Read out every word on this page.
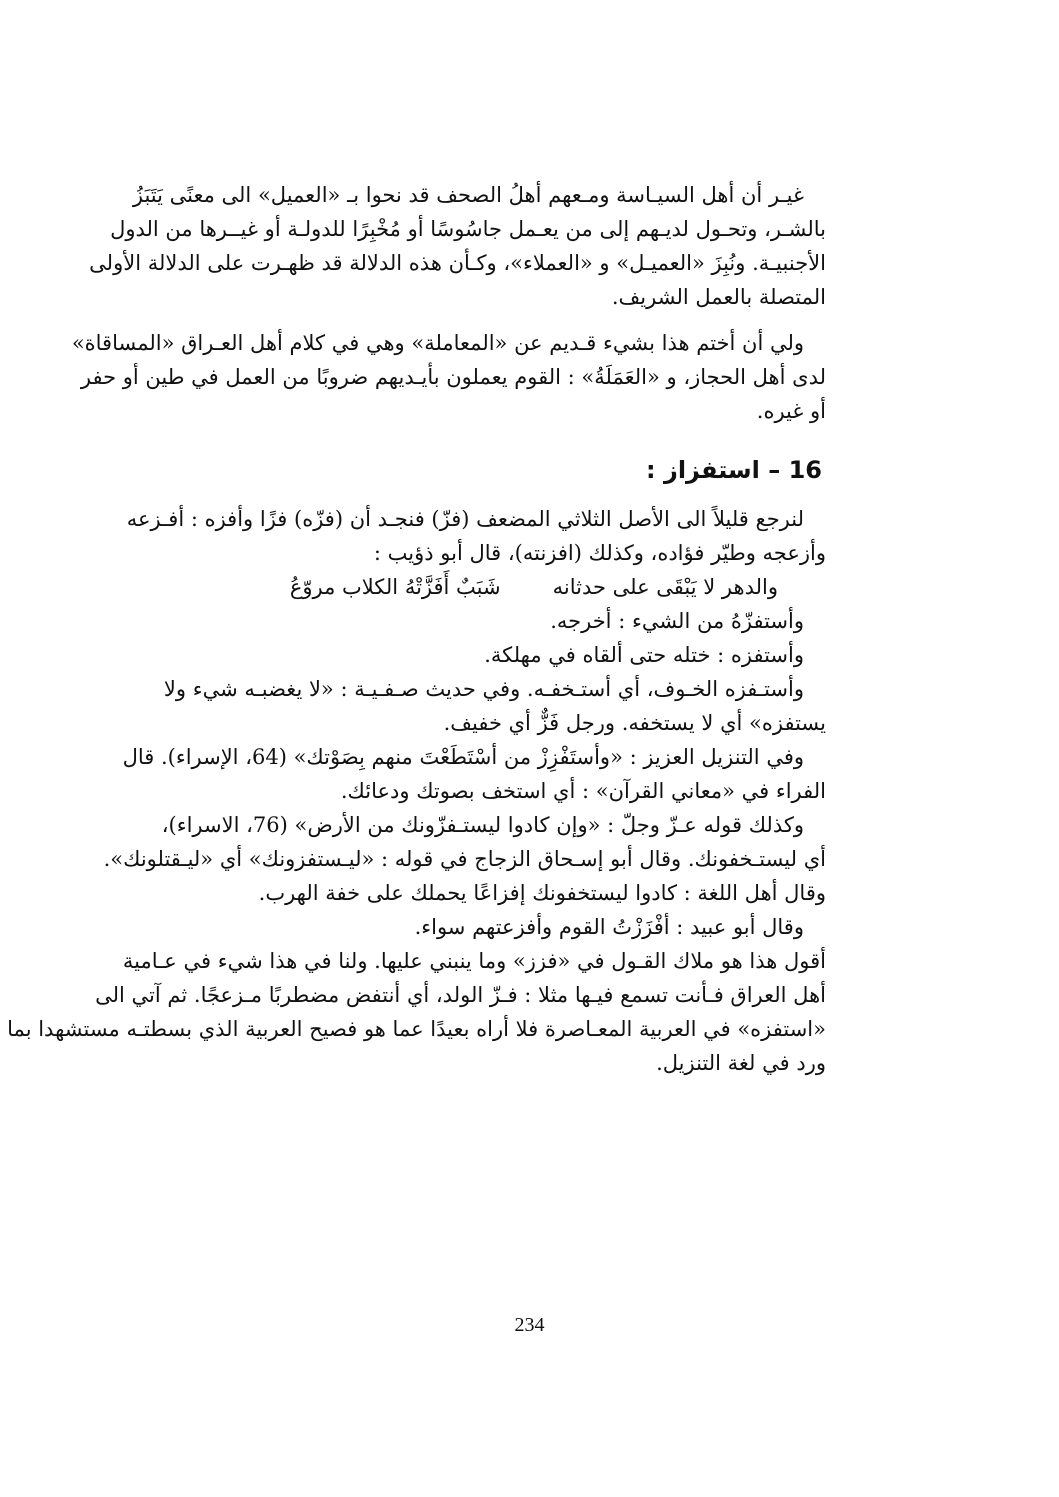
غيـر أن أهل السيـاسة ومـعهم أهلُ الصحف قد نحوا بـ «العميل» الى معنًى يَتَبَزُ
بالشـر، وتحـول لديـهم إلى من يعـمل جاسُوسًا أو مُخْبِرًا للدولـة أو غيــرها من الدول
الأجنبيـة. ونُبِزَ «العميـل» و «العملاء»، وكـأن هذه الدلالة قد ظهـرت على الدلالة الأولى
المتصلة بالعمل الشريف.
ولي أن أختم هذا بشيء قـديم عن «المعاملة» وهي في كلام أهل العـراق «المساقاة»
لدى أهل الحجاز، و «العَمَلَةُ» : القوم يعملون بأيـديهم ضروبًا من العمل في طين أو حفر
أو غيره.
16 – استفزاز :
لنرجع قليلاً الى الأصل الثلاثي المضعف (فزّ) فنجـد أن (فزّه) فزًا وأفزه : أفـزعه
وأزعجه وطيّر فؤاده، وكذلك (افزنته)، قال أبو ذؤيب :
والدهر لا يَبْقَى على حدثانه
شَبَبٌ أَفَزَّتْهُ الكلاب مروّعُ
وأستفزّهُ من الشيء : أخرجه.
وأستفزه : ختله حتى ألقاه في مهلكة.
وأستـفزه الخـوف، أي أستـخفـه. وفي حديث صـفـيـة : «لا يغضبـه شيء ولا
يستفزه» أي لا يستخفه. ورجل فَزٌّ أي خفيف.
وفي التنزيل العزيز : «وأستَفْزِزْ من أسْتَطَعْتَ منهم بِصَوْتك» (64، الإسراء). قال
الفراء في «معاني القرآن» : أي استخف بصوتك ودعائك.
وكذلك قوله عـزّ وجلّ : «وإن كادوا ليستـفزّونك من الأرض» (76، الاسراء)،
أي ليستـخفونك. وقال أبو إسـحاق الزجاج في قوله : «ليـستفزونك» أي «ليـقتلونك».
وقال أهل اللغة : كادوا ليستخفونك إفزاعًا يحملك على خفة الهرب.
وقال أبو عبيد : أفْزَزْتُ القوم وأفزعتهم سواء.
أقول هذا هو ملاك القـول في «فزز» وما ينبني عليها. ولنا في هذا شيء في عـامية
أهل العراق فـأنت تسمع فيـها مثلا : فـزّ الولد، أي أنتفض مضطربًا مـزعجًا. ثم آتي الى
«استفزه» في العربية المعـاصرة فلا أراه بعيدًا عما هو فصيح العربية الذي بسطتـه مستشهدا بما
ورد في لغة التنزيل.
234
